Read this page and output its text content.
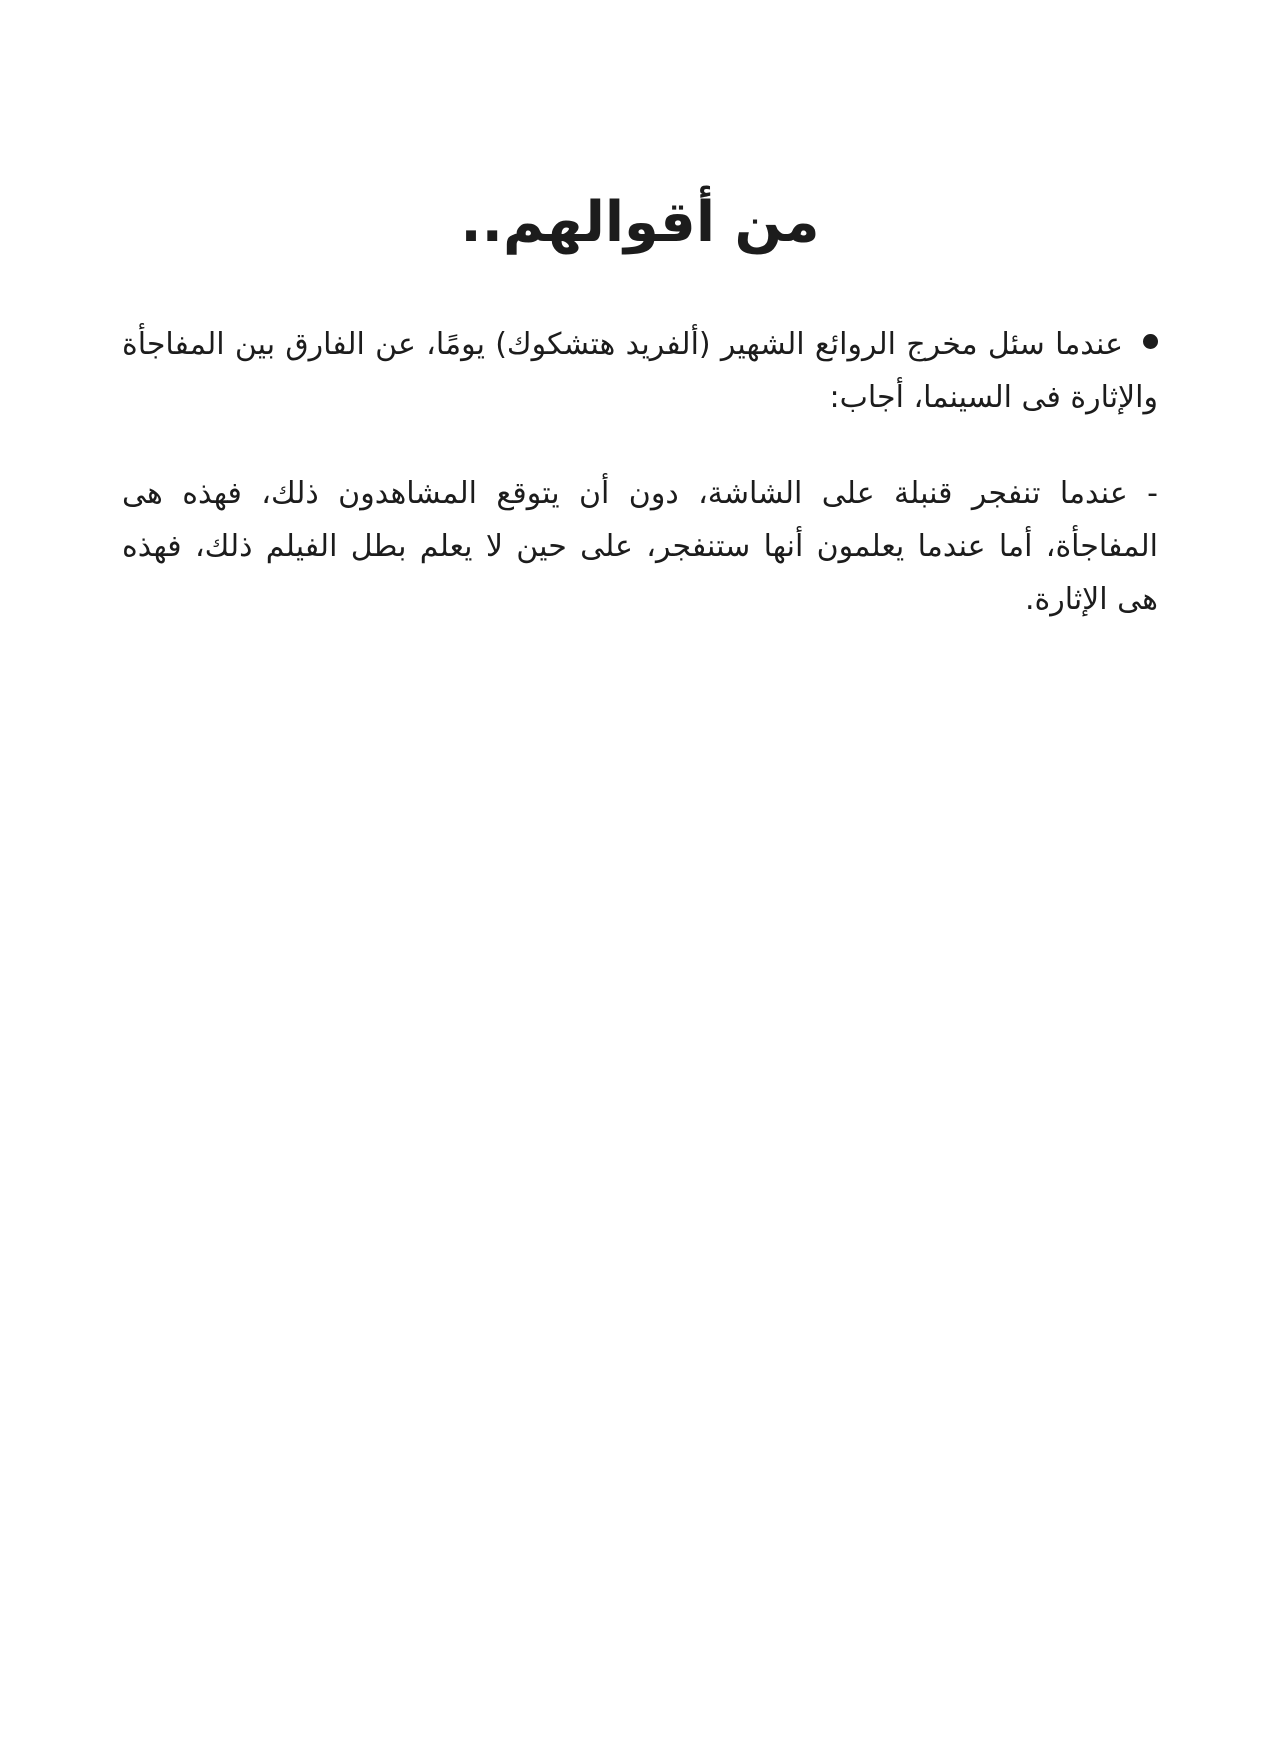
من أقوالهم..

عندما سئل مخرج الروائع الشهير (ألفريد هتشكوك) يومًا، عن الفارق بين المفاجأة والإثارة فى السينما، أجاب:

- عندما تنفجر قنبلة على الشاشة، دون أن يتوقع المشاهدون ذلك، فهذه هى المفاجأة، أما عندما يعلمون أنها ستنفجر، على حين لا يعلم بطل الفيلم ذلك، فهذه هى الإثارة.
